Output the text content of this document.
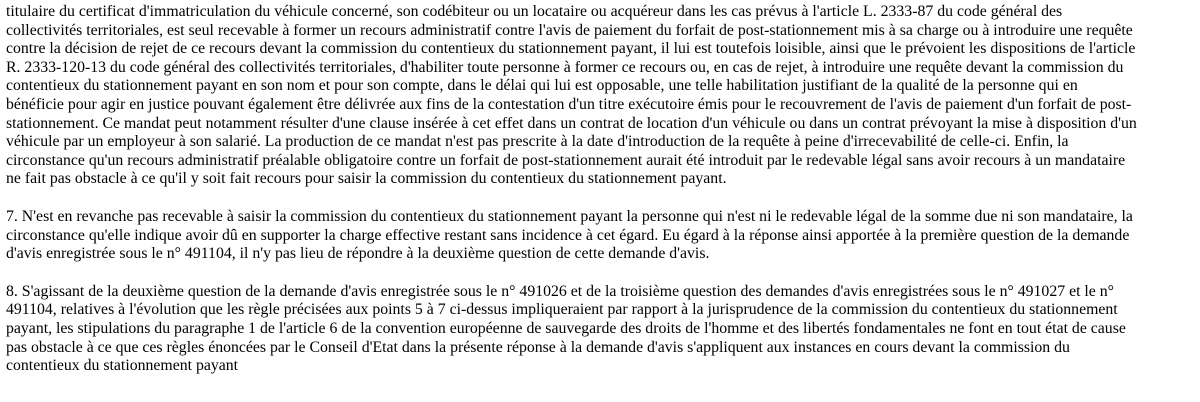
titulaire du certificat d'immatriculation du véhicule concerné, son codébiteur ou un locataire ou acquéreur dans les cas prévus à l'article L. 2333-87 du code général des
collectivités territoriales, est seul recevable à former un recours administratif contre l'avis de paiement du forfait de post-stationnement mis à sa charge ou à introduire une requête
contre la décision de rejet de ce recours devant la commission du contentieux du stationnement payant, il lui est toutefois loisible, ainsi que le prévoient les dispositions de l'article
R. 2333-120-13 du code général des collectivités territoriales, d'habiliter toute personne à former ce recours ou, en cas de rejet, à introduire une requête devant la commission du
contentieux du stationnement payant en son nom et pour son compte, dans le délai qui lui est opposable, une telle habilitation justifiant de la qualité de la personne qui en
bénéficie pour agir en justice pouvant également être délivrée aux fins de la contestation d'un titre exécutoire émis pour le recouvrement de l'avis de paiement d'un forfait de post-
stationnement. Ce mandat peut notamment résulter d'une clause insérée à cet effet dans un contrat de location d'un véhicule ou dans un contrat prévoyant la mise à disposition d'un
véhicule par un employeur à son salarié. La production de ce mandat n'est pas prescrite à la date d'introduction de la requête à peine d'irrecevabilité de celle-ci. Enfin, la
circonstance qu'un recours administratif préalable obligatoire contre un forfait de post-stationnement aurait été introduit par le redevable légal sans avoir recours à un mandataire
ne fait pas obstacle à ce qu'il y soit fait recours pour saisir la commission du contentieux du stationnement payant.
7. N'est en revanche pas recevable à saisir la commission du contentieux du stationnement payant la personne qui n'est ni le redevable légal de la somme due ni son mandataire, la
circonstance qu'elle indique avoir dû en supporter la charge effective restant sans incidence à cet égard. Eu égard à la réponse ainsi apportée à la première question de la demande
d'avis enregistrée sous le n° 491104, il n'y pas lieu de répondre à la deuxième question de cette demande d'avis.
8. S'agissant de la deuxième question de la demande d'avis enregistrée sous le n° 491026 et de la troisième question des demandes d'avis enregistrées sous le n° 491027 et le n°
491104, relatives à l'évolution que les règle précisées aux points 5 à 7 ci-dessus impliqueraient par rapport à la jurisprudence de la commission du contentieux du stationnement
payant, les stipulations du paragraphe 1 de l'article 6 de la convention européenne de sauvegarde des droits de l'homme et des libertés fondamentales ne font en tout état de cause
pas obstacle à ce que ces règles énoncées par le Conseil d'Etat dans la présente réponse à la demande d'avis s'appliquent aux instances en cours devant la commission du
contentieux du stationnement payant
